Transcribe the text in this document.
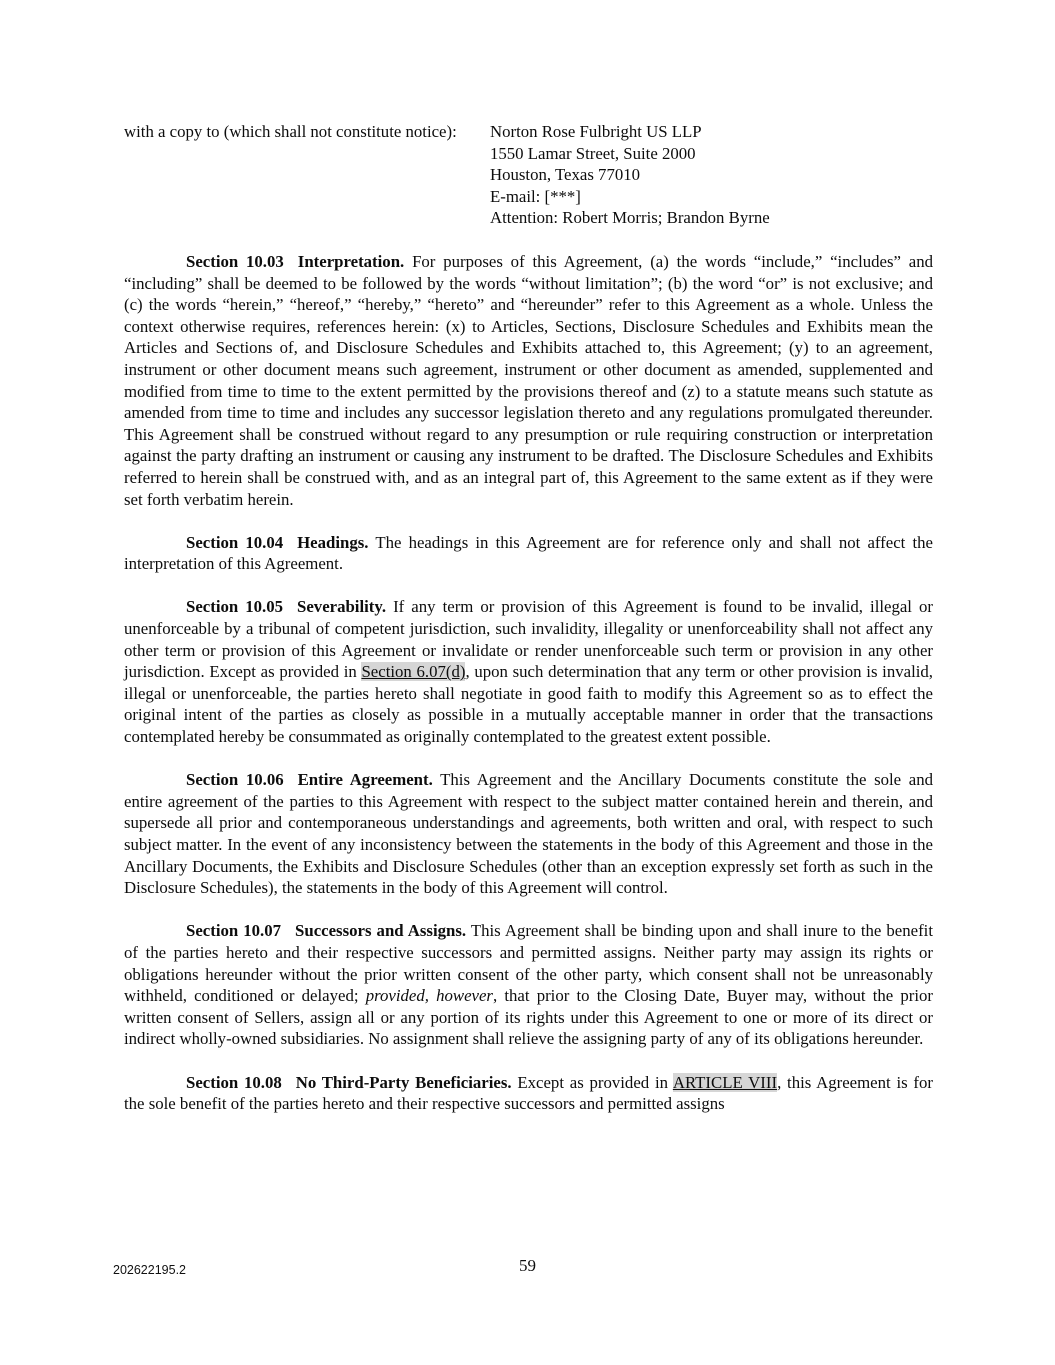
with a copy to (which shall not constitute notice):	Norton Rose Fulbright US LLP
1550 Lamar Street, Suite 2000
Houston, Texas 77010
E-mail: [***]
Attention: Robert Morris; Brandon Byrne

Section 10.03 Interpretation. For purposes of this Agreement, (a) the words “include,” “includes” and “including” shall be deemed to be followed by the words “without limitation”; (b) the word “or” is not exclusive; and (c) the words “herein,” “hereof,” “hereby,” “hereto” and “hereunder” refer to this Agreement as a whole. Unless the context otherwise requires, references herein: (x) to Articles, Sections, Disclosure Schedules and Exhibits mean the Articles and Sections of, and Disclosure Schedules and Exhibits attached to, this Agreement; (y) to an agreement, instrument or other document means such agreement, instrument or other document as amended, supplemented and modified from time to time to the extent permitted by the provisions thereof and (z) to a statute means such statute as amended from time to time and includes any successor legislation thereto and any regulations promulgated thereunder. This Agreement shall be construed without regard to any presumption or rule requiring construction or interpretation against the party drafting an instrument or causing any instrument to be drafted. The Disclosure Schedules and Exhibits referred to herein shall be construed with, and as an integral part of, this Agreement to the same extent as if they were set forth verbatim herein.

Section 10.04 Headings. The headings in this Agreement are for reference only and shall not affect the interpretation of this Agreement.

Section 10.05 Severability. If any term or provision of this Agreement is found to be invalid, illegal or unenforceable by a tribunal of competent jurisdiction, such invalidity, illegality or unenforceability shall not affect any other term or provision of this Agreement or invalidate or render unenforceable such term or provision in any other jurisdiction. Except as provided in Section 6.07(d), upon such determination that any term or other provision is invalid, illegal or unenforceable, the parties hereto shall negotiate in good faith to modify this Agreement so as to effect the original intent of the parties as closely as possible in a mutually acceptable manner in order that the transactions contemplated hereby be consummated as originally contemplated to the greatest extent possible.

Section 10.06 Entire Agreement. This Agreement and the Ancillary Documents constitute the sole and entire agreement of the parties to this Agreement with respect to the subject matter contained herein and therein, and supersede all prior and contemporaneous understandings and agreements, both written and oral, with respect to such subject matter. In the event of any inconsistency between the statements in the body of this Agreement and those in the Ancillary Documents, the Exhibits and Disclosure Schedules (other than an exception expressly set forth as such in the Disclosure Schedules), the statements in the body of this Agreement will control.

Section 10.07 Successors and Assigns. This Agreement shall be binding upon and shall inure to the benefit of the parties hereto and their respective successors and permitted assigns. Neither party may assign its rights or obligations hereunder without the prior written consent of the other party, which consent shall not be unreasonably withheld, conditioned or delayed; provided, however, that prior to the Closing Date, Buyer may, without the prior written consent of Sellers, assign all or any portion of its rights under this Agreement to one or more of its direct or indirect wholly-owned subsidiaries. No assignment shall relieve the assigning party of any of its obligations hereunder.

Section 10.08 No Third-Party Beneficiaries. Except as provided in ARTICLE VIII, this Agreement is for the sole benefit of the parties hereto and their respective successors and permitted assigns

202622195.2	59
